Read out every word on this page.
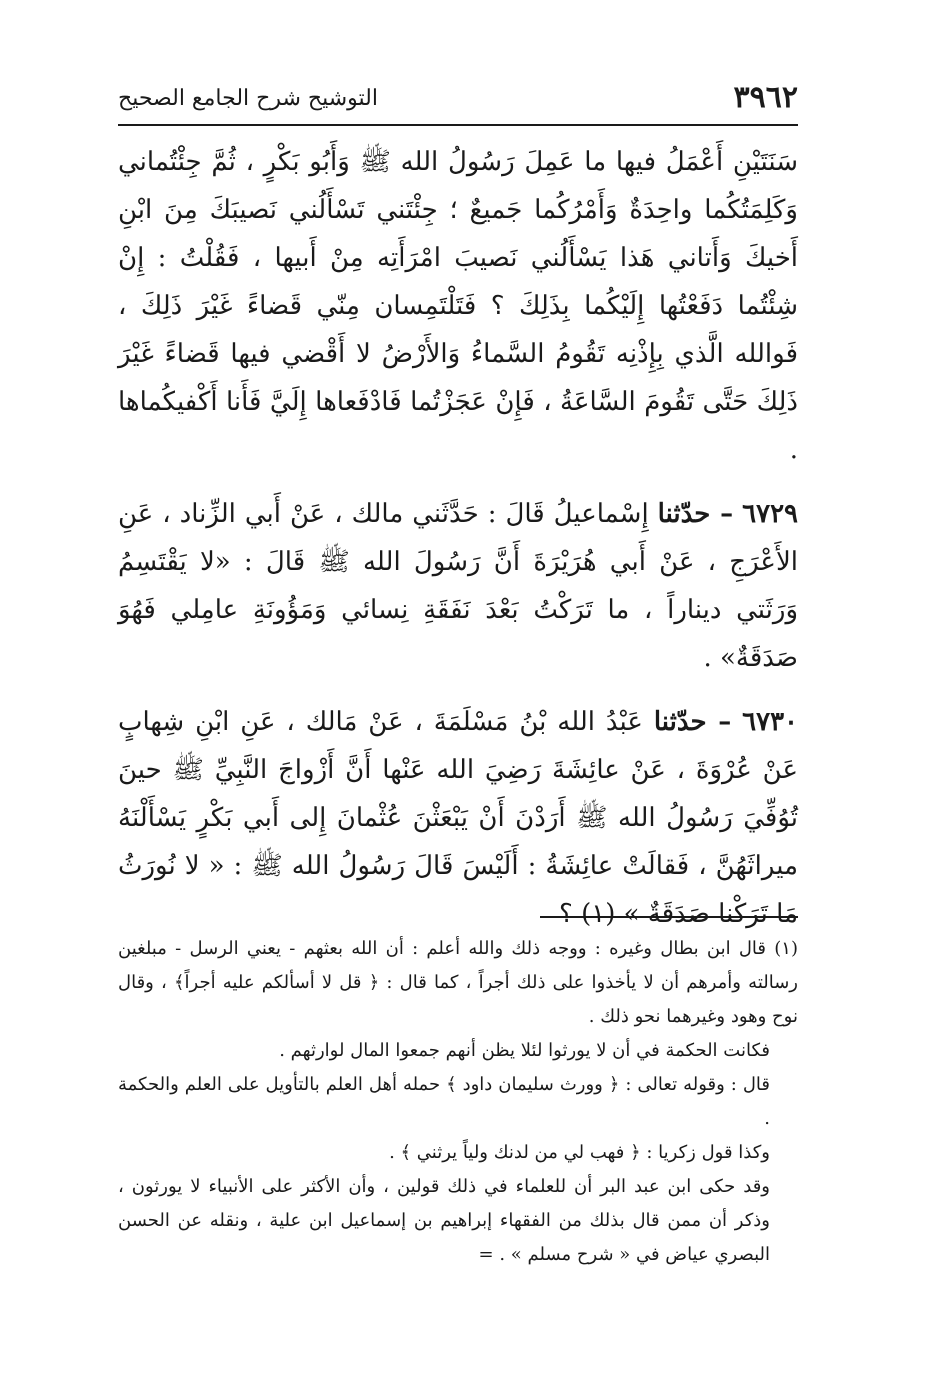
٣٩٦٢
التوشيح شرح الجامع الصحيح

سَنَتَيْنِ أَعْمَلُ فيها ما عَمِلَ رَسُولُ الله ﷺ وَأَبُو بَكْرٍ ، ثُمَّ جِئْتُماني وَكَلِمَتُكُما واحِدَةٌ وَأَمْرُكُما جَميعٌ ؛ جِئْتَني تَسْأَلُني نَصيبَكَ مِنَ ابْنِ أَخيكَ وَأَتاني هَذا يَسْأَلُني نَصيبَ امْرَأَتِه مِنْ أَبيها ، فَقُلْتُ : إِنْ شِئْتُما دَفَعْتُها إِلَيْكُما بِذَلِكَ ؟ فَتَلْتَمِسان مِنّي قَضاءً غَيْرَ ذَلِكَ ، فَوالله الَّذي بِإِذْنِه تَقُومُ السَّماءُ وَالأَرْضُ لا أَقْضي فيها قَضاءً غَيْرَ ذَلِكَ حَتَّى تَقُومَ السَّاعَةُ ، فَإِنْ عَجَزْتُما فَادْفَعاها إِلَيَّ فَأَنا أَكْفيكُماها .

٦٧٢٩ – حدّثنا إِسْماعيلُ قَالَ : حَدَّثَني مالك ، عَنْ أَبي الزِّناد ، عَنِ الأَعْرَجِ ، عَنْ أَبي هُرَيْرَةَ أَنَّ رَسُولَ الله ﷺ قَالَ : «لا يَقْتَسِمُ وَرَثَتي ديناراً ، ما تَرَكْتُ بَعْدَ نَفَقَةِ نِسائي وَمَؤُونَةِ عامِلي فَهُوَ صَدَقَةٌ» .

٦٧٣٠ – حدّثنا عَبْدُ الله بْنُ مَسْلَمَةَ ، عَنْ مَالك ، عَنِ ابْنِ شِهابٍ عَنْ عُرْوَةَ ، عَنْ عائِشَةَ رَضِيَ الله عَنْها أَنَّ أَزْواجَ النَّبِيِّ ﷺ حينَ تُوُفِّيَ رَسُولُ الله ﷺ أَرَدْنَ أَنْ يَبْعَثْنَ عُثْمانَ إِلى أَبي بَكْرٍ يَسْأَلْنَهُ ميراثَهُنَّ ، فَقالَتْ عائِشَةُ : أَلَيْسَ قَالَ رَسُولُ الله ﷺ : « لا نُورَثُ مَا تَرَكْنا صَدَقَةٌ » (١) ؟

(١) قال ابن بطال وغيره : ووجه ذلك والله أعلم : أن الله بعثهم - يعني الرسل - مبلغين رسالته وأمرهم أن لا يأخذوا على ذلك أجراً ، كما قال : ﴿ قل لا أسألكم عليه أجراً﴾ ، وقال نوح وهود وغيرهما نحو ذلك .

فكانت الحكمة في أن لا يورثوا لئلا يظن أنهم جمعوا المال لوارثهم .

قال : وقوله تعالى : ﴿ وورث سليمان داود ﴾ حمله أهل العلم بالتأويل على العلم والحكمة .

وكذا قول زكريا : ﴿ فهب لي من لدنك ولياً يرثني ﴾ .

وقد حكى ابن عبد البر أن للعلماء في ذلك قولين ، وأن الأكثر على الأنبياء لا يورثون ، وذكر أن ممن قال بذلك من الفقهاء إبراهيم بن إسماعيل ابن علية ، ونقله عن الحسن البصري عياض في « شرح مسلم » . =
